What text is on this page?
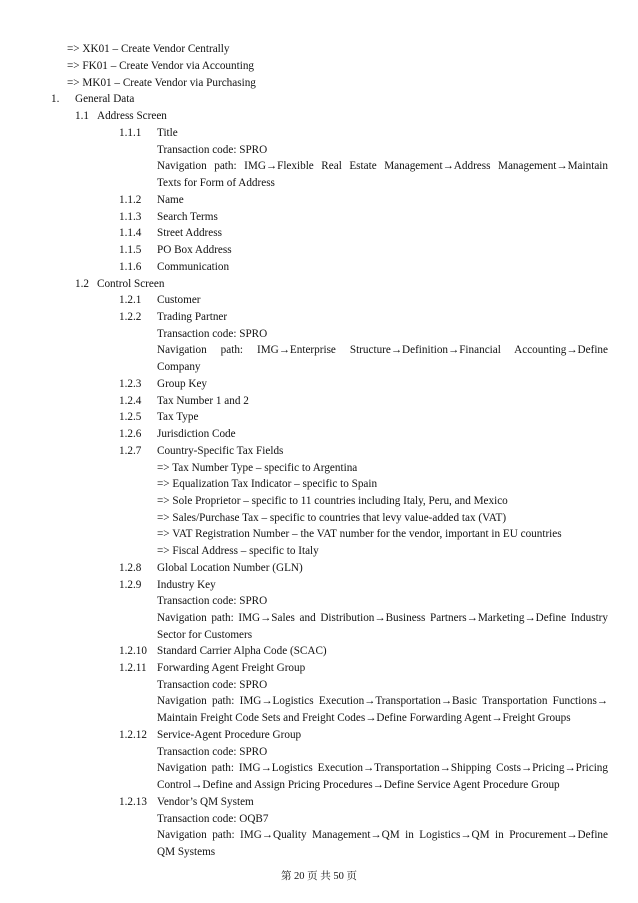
=> XK01 – Create Vendor Centrally
=> FK01 – Create Vendor via Accounting
=> MK01 – Create Vendor via Purchasing
1. General Data
1.1 Address Screen
1.1.1 Title
Transaction code: SPRO
Navigation path: IMG→Flexible Real Estate Management→Address Management→Maintain
Texts for Form of Address
1.1.2 Name
1.1.3 Search Terms
1.1.4 Street Address
1.1.5 PO Box Address
1.1.6 Communication
1.2 Control Screen
1.2.1 Customer
1.2.2 Trading Partner
Transaction code: SPRO
Navigation path: IMG→Enterprise Structure→Definition→Financial Accounting→Define
Company
1.2.3 Group Key
1.2.4 Tax Number 1 and 2
1.2.5 Tax Type
1.2.6 Jurisdiction Code
1.2.7 Country-Specific Tax Fields
=> Tax Number Type – specific to Argentina
=> Equalization Tax Indicator – specific to Spain
=> Sole Proprietor – specific to 11 countries including Italy, Peru, and Mexico
=> Sales/Purchase Tax – specific to countries that levy value-added tax (VAT)
=> VAT Registration Number – the VAT number for the vendor, important in EU countries
=> Fiscal Address – specific to Italy
1.2.8 Global Location Number (GLN)
1.2.9 Industry Key
Transaction code: SPRO
Navigation path: IMG→Sales and Distribution→Business Partners→Marketing→Define Industry
Sector for Customers
1.2.10 Standard Carrier Alpha Code (SCAC)
1.2.11 Forwarding Agent Freight Group
Transaction code: SPRO
Navigation path: IMG→Logistics Execution→Transportation→Basic Transportation Functions→
Maintain Freight Code Sets and Freight Codes→Define Forwarding Agent→Freight Groups
1.2.12 Service-Agent Procedure Group
Transaction code: SPRO
Navigation path: IMG→Logistics Execution→Transportation→Shipping Costs→Pricing→Pricing
Control→Define and Assign Pricing Procedures→Define Service Agent Procedure Group
1.2.13 Vendor’s QM System
Transaction code: OQB7
Navigation path: IMG→Quality Management→QM in Logistics→QM in Procurement→Define
QM Systems
第 20 页 共 50 页
